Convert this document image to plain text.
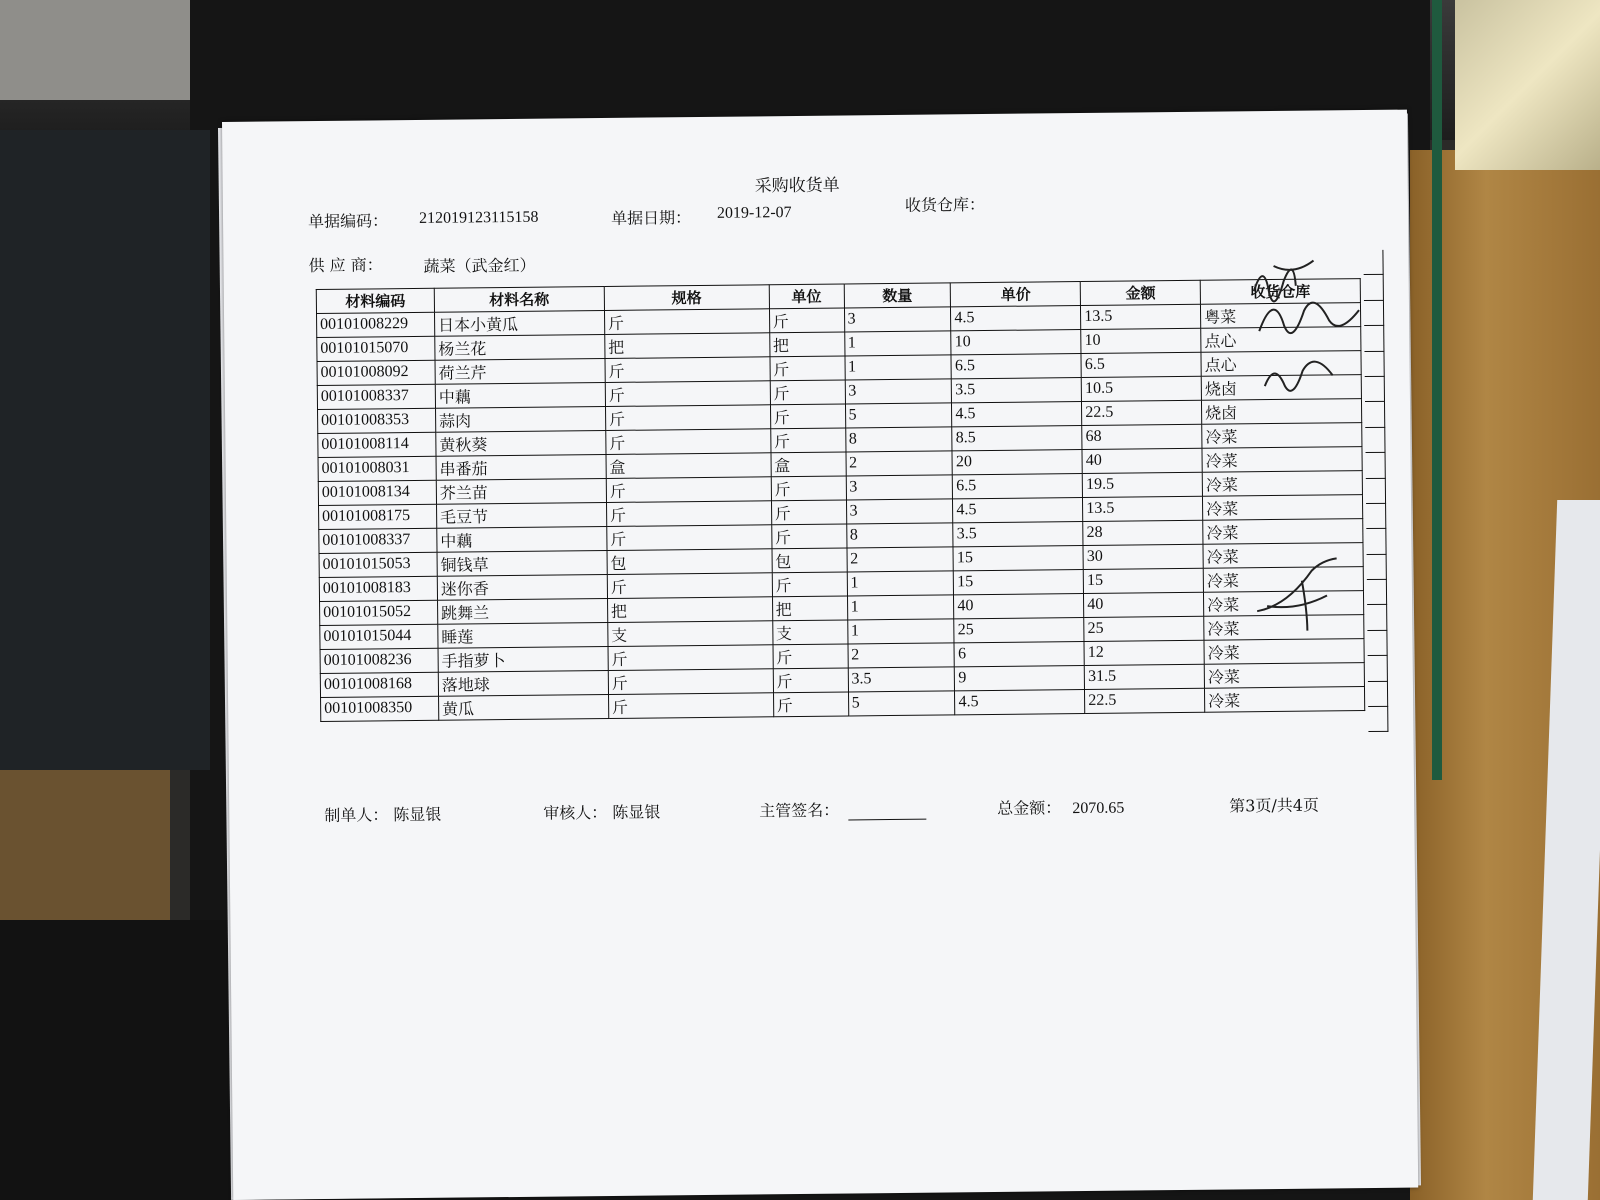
采购收货单
单据编码： 212019123115158	单据日期： 2019-12-07	收货仓库：
供 应 商：	蔬菜（武金红）
材料编码	材料名称	规格	单位	数量	单价	金额	收货仓库
00101008229	日本小黄瓜	斤	斤	3	4.5	13.5	粤菜
00101015070	杨兰花	把	把	1	10	10	点心
00101008092	荷兰芹	斤	斤	1	6.5	6.5	点心
00101008337	中藕	斤	斤	3	3.5	10.5	烧卤
00101008353	蒜肉	斤	斤	5	4.5	22.5	烧卤
00101008114	黄秋葵	斤	斤	8	8.5	68	冷菜
00101008031	串番茄	盒	盒	2	20	40	冷菜
00101008134	芥兰苗	斤	斤	3	6.5	19.5	冷菜
00101008175	毛豆节	斤	斤	3	4.5	13.5	冷菜
00101008337	中藕	斤	斤	8	3.5	28	冷菜
00101015053	铜钱草	包	包	2	15	30	冷菜
00101008183	迷你香	斤	斤	1	15	15	冷菜
00101015052	跳舞兰	把	把	1	40	40	冷菜
00101015044	睡莲	支	支	1	25	25	冷菜
00101008236	手指萝卜	斤	斤	2	6	12	冷菜
00101008168	落地球	斤	斤	3.5	9	31.5	冷菜
00101008350	黄瓜	斤	斤	5	4.5	22.5	冷菜
制单人： 陈显银	审核人： 陈显银	主管签名：	总金额： 2070.65	第3页/共4页
